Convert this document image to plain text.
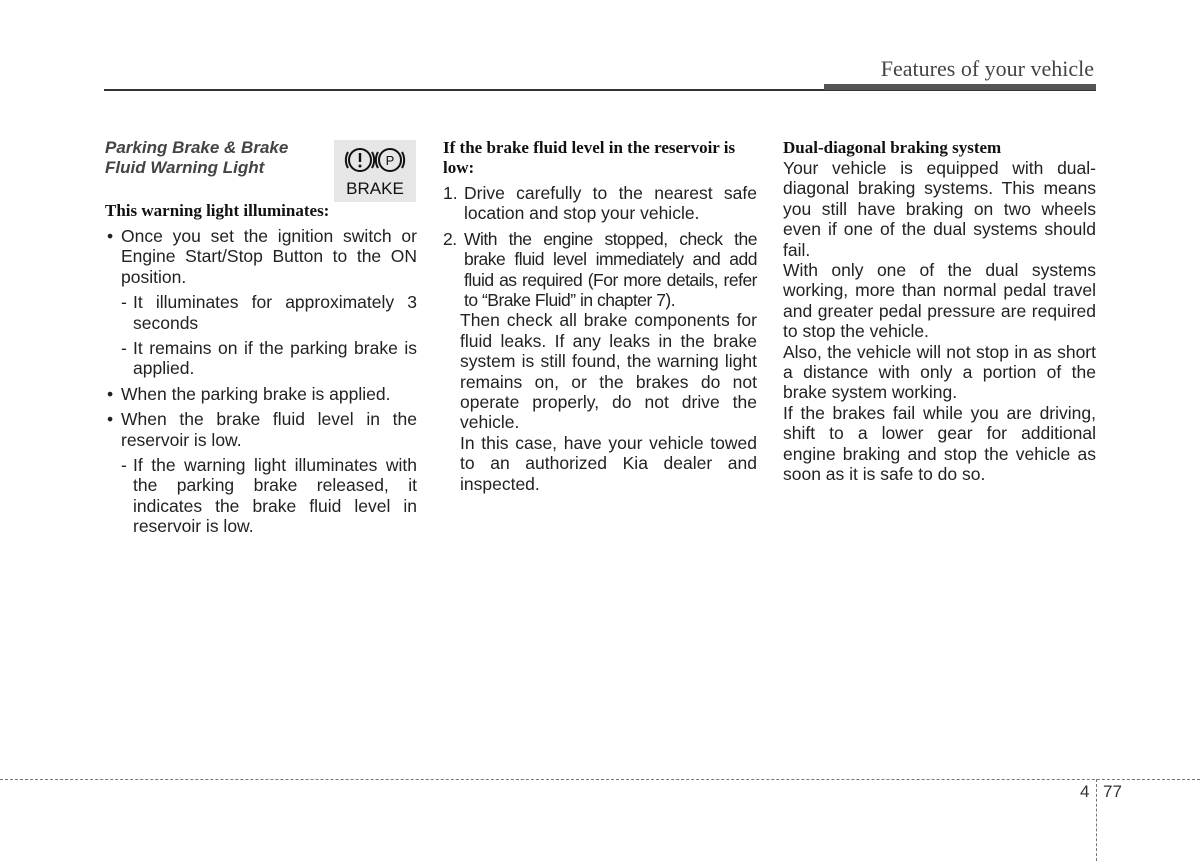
Features of your vehicle

Parking Brake & Brake
Fluid Warning Light

This warning light illuminates:

• Once you set the ignition switch or Engine Start/Stop Button to the ON position.
- It illuminates for approximately 3 seconds
- It remains on if the parking brake is applied.
• When the parking brake is applied.
• When the brake fluid level in the reservoir is low.
- If the warning light illuminates with the parking brake released, it indicates the brake fluid level in reservoir is low.
P
BRAKE

If the brake fluid level in the reservoir is low:

1. Drive carefully to the nearest safe location and stop your vehicle.
2. With the engine stopped, check the brake fluid level immediately and add fluid as required (For more details, refer to “Brake Fluid” in chapter 7).

Then check all brake components for fluid leaks. If any leaks in the brake system is still found, the warning light remains on, or the brakes do not operate properly, do not drive the vehicle.

In this case, have your vehicle towed to an authorized Kia dealer and inspected.

Dual-diagonal braking system

Your vehicle is equipped with dual-diagonal braking systems. This means you still have braking on two wheels even if one of the dual systems should fail.

With only one of the dual systems working, more than normal pedal travel and greater pedal pressure are required to stop the vehicle.

Also, the vehicle will not stop in as short a distance with only a portion of the brake system working.

If the brakes fail while you are driving, shift to a lower gear for additional engine braking and stop the vehicle as soon as it is safe to do so.

4 77
